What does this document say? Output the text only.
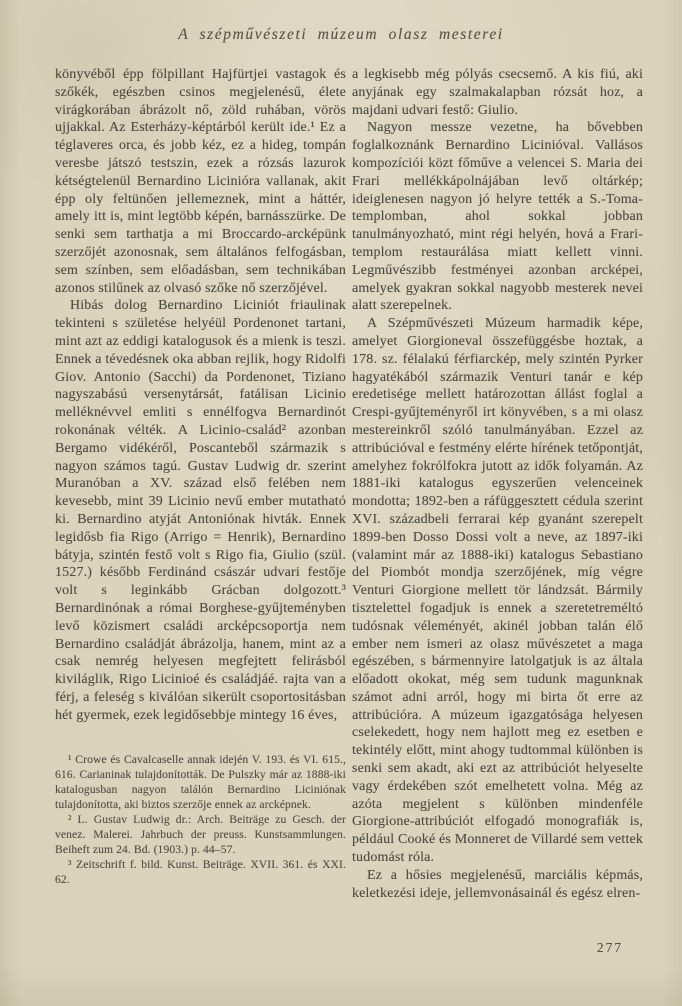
A szépművészeti múzeum olasz mesterei

könyvéből épp fölpillant Hajfürtjei vastagok és szőkék, egészben csinos megjelenésű, élete virágkorában ábrázolt nő, zöld ruhában, vörös ujjakkal. Az Esterházy-képtárból került ide.¹ Ez a téglaveres orca, és jobb kéz, ez a hideg, tompán veresbe játszó testszin, ezek a rózsás lazurok kétségtelenül Bernardino Licinióra vallanak, akit épp oly feltünően jellemeznek, mint a háttér, amely itt is, mint legtöbb képén, barnásszürke. De senki sem tarthatja a mi Broccardo-arcképünk szerzőjét azonosnak, sem általános felfogásban, sem színben, sem előadásban, sem technikában azonos stilűnek az olvasó szőke nő szerzőjével.

Hibás dolog Bernardino Liciniót friaulinak tekinteni s születése helyéül Pordenonet tartani, mint azt az eddigi katalogusok és a mienk is teszi. Ennek a tévedésnek oka abban rejlik, hogy Ridolfi Giov. Antonio (Sacchi) da Pordenonet, Tiziano nagyszabású versenytársát, fatálisan Licinio melléknévvel emliti s ennélfogva Bernardinót rokonának vélték. A Licinio-család² azonban Bergamo vidékéről, Poscanteből származik s nagyon számos tagú. Gustav Ludwig dr. szerint Muranóban a XV. század első felében nem kevesebb, mint 39 Licinio nevű ember mutatható ki. Bernardino atyját Antoniónak hivták. Ennek legidősb fia Rigo (Arrigo = Henrik), Bernardino bátyja, szintén festő volt s Rigo fia, Giulio (szül. 1527.) később Ferdinánd császár udvari festője volt s leginkább Grácban dolgozott.³ Bernardinónak a római Borghese-gyűjteményben levő közismert családi arcképcsoportja nem Bernardino családját ábrázolja, hanem, mint az a csak nemrég helyesen megfejtett felirásból kiviláglik, Rigo Licinioé és családjáé. rajta van a férj, a feleség s kiválóan sikerült csoportositásban hét gyermek, ezek legidősebbje mintegy 16 éves,

¹ Crowe és Cavalcaselle annak idején V. 193. és VI. 615., 616. Carianinak tulajdonították. De Pulszky már az 1888-iki katalogusban nagyon találón Bernardino Liciniónak tulajdonította, aki biztos szerzője ennek az arcképnek.

² L. Gustav Ludwig dr.: Arch. Beiträge zu Gesch. der venez. Malerei. Jahrbuch der preuss. Kunstsammlungen. Beiheft zum 24. Bd. (1903.) p. 44–57.

³ Zeitschrift f. bild. Kunst. Beiträge. XVII. 361. és XXI. 62.

a legkisebb még pólyás csecsemő. A kis fiú, aki anyjának egy szalmakalapban rózsát hoz, a majdani udvari festő: Giulio.

Nagyon messze vezetne, ha bővebben foglalkoznánk Bernardino Licinióval. Vallásos kompozíciói közt főműve a velencei S. Maria dei Frari mellékkápolnájában levő oltárkép; ideiglenesen nagyon jó helyre tették a S.-Toma-templomban, ahol sokkal jobban tanulmányozható, mint régi helyén, hová a Frari-templom restaurálása miatt kellett vinni. Legművészibb festményei azonban arcképei, amelyek gyakran sokkal nagyobb mesterek nevei alatt szerepelnek.

A Szépművészeti Múzeum harmadik képe, amelyet Giorgioneval összefüggésbe hoztak, a 178. sz. félalakú férfiarckép, mely szintén Pyrker hagyatékából származik Venturi tanár e kép eredetisége mellett határozottan állást foglal a Crespi-gyűjteményről irt könyvében, s a mi olasz mestereinkről szóló tanulmányában. Ezzel az attribúcióval e festmény elérte hírének tetőpontját, amelyhez fokrólfokra jutott az idők folyamán. Az 1881-iki katalogus egyszerűen velenceinek mondotta; 1892-ben a ráfüggesztett cédula szerint XVI. századbeli ferrarai kép gyanánt szerepelt 1899-ben Dosso Dossi volt a neve, az 1897-iki (valamint már az 1888-iki) katalogus Sebastiano del Piombót mondja szerzőjének, míg végre Venturi Giorgione mellett tör lándzsát. Bármily tisztelettel fogadjuk is ennek a szeretetreméltó tudósnak véleményét, akinél jobban talán élő ember nem ismeri az olasz művészetet a maga egészében, s bármennyire latolgatjuk is az általa előadott okokat, még sem tudunk magunknak számot adni arról, hogy mi birta őt erre az attribúcióra. A múzeum igazgatósága helyesen cselekedett, hogy nem hajlott meg ez esetben e tekintély előtt, mint ahogy tudtommal különben is senki sem akadt, aki ezt az attribúciót helyeselte vagy érdekében szót emelhetett volna. Még az azóta megjelent s különben mindenféle Giorgione-attribúciót elfogadó monografiák is, például Cooké és Monneret de Villardé sem vettek tudomást róla.

Ez a hősies megjelenésű, marciális képmás, keletkezési ideje, jellemvonásainál és egész elren-

277
